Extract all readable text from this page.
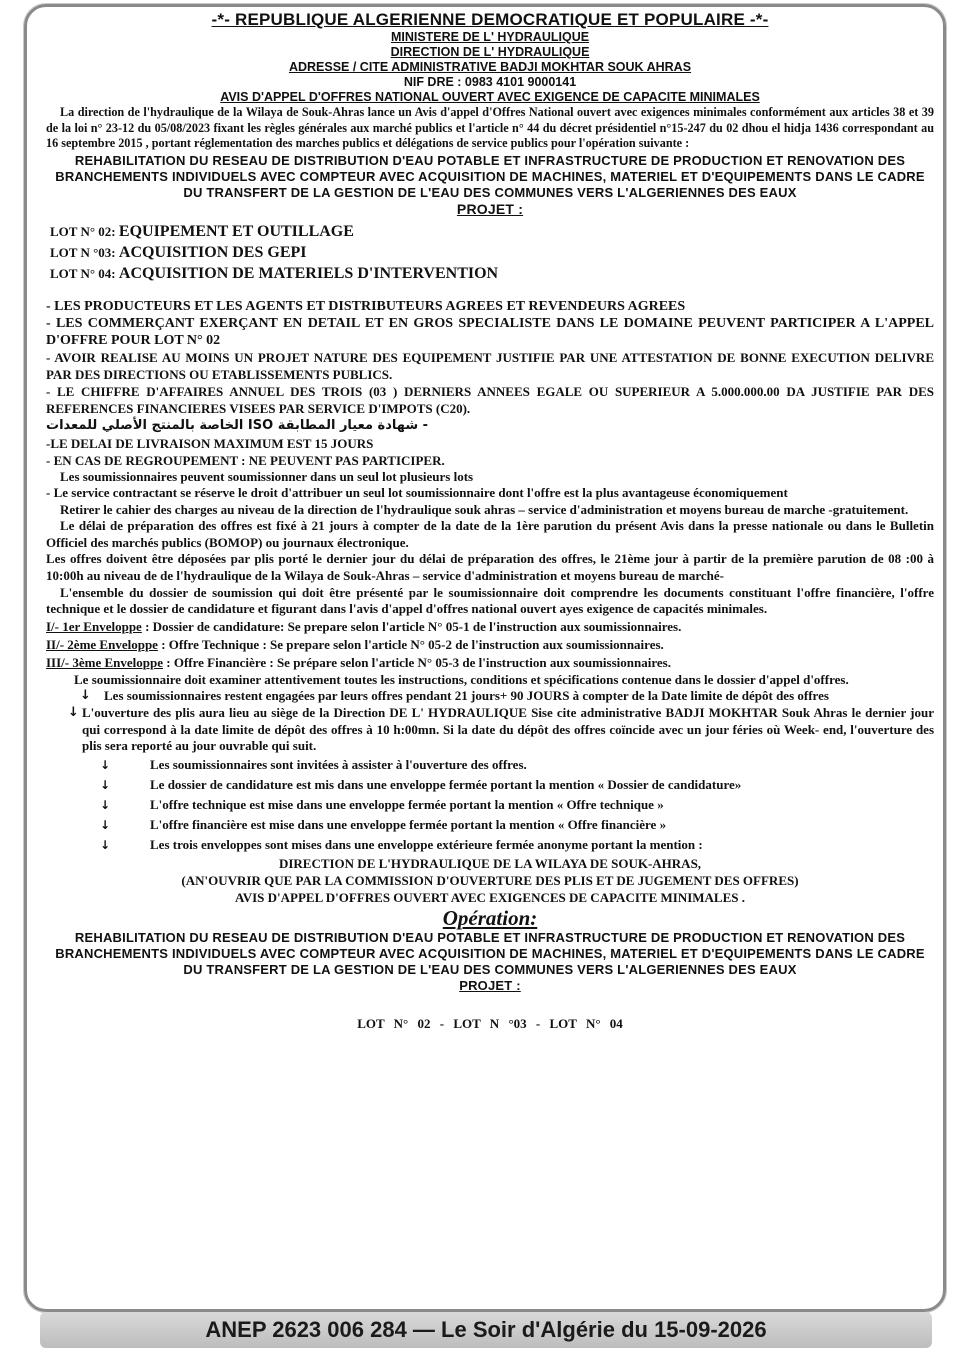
-*- REPUBLIQUE ALGERIENNE DEMOCRATIQUE ET POPULAIRE -*-
MINISTERE DE L' HYDRAULIQUE
DIRECTION DE L' HYDRAULIQUE
ADRESSE / CITE ADMINISTRATIVE BADJI MOKHTAR SOUK AHRAS
NIF DRE : 0983 4101 9000141
AVIS D'APPEL D'OFFRES NATIONAL OUVERT AVEC EXIGENCE DE CAPACITE MINIMALES

La direction de l'hydraulique de la Wilaya de Souk-Ahras lance un Avis d'appel d'Offres National ouvert avec exigences minimales conformément aux articles 38 et 39 de la loi n° 23-12 du 05/08/2023 fixant les règles générales aux marché publics et l'article n° 44 du décret présidentiel n°15-247 du 02 dhou el hidja 1436 correspondant au 16 septembre 2015 , portant réglementation des marches publics et délégations de service publics pour l'opération suivante :

REHABILITATION DU RESEAU DE DISTRIBUTION D'EAU POTABLE ET INFRASTRUCTURE DE PRODUCTION ET RENOVATION DES BRANCHEMENTS INDIVIDUELS AVEC COMPTEUR AVEC ACQUISITION DE MACHINES, MATERIEL ET D'EQUIPEMENTS DANS LE CADRE DU TRANSFERT DE LA GESTION DE L'EAU DES COMMUNES VERS L'ALGERIENNES DES EAUX
PROJET :
LOT N° 02: EQUIPEMENT ET OUTILLAGE
LOT N °03: ACQUISITION DES GEPI
LOT N° 04: ACQUISITION DE MATERIELS D'INTERVENTION
- LES PRODUCTEURS ET LES AGENTS ET DISTRIBUTEURS AGREES ET REVENDEURS AGREES
- LES COMMERÇANT EXERÇANT EN DETAIL ET EN GROS SPECIALISTE DANS LE DOMAINE PEUVENT PARTICIPER A L'APPEL D'OFFRE POUR LOT N° 02
- AVOIR REALISE AU MOINS UN PROJET NATURE DES EQUIPEMENT JUSTIFIE PAR UNE ATTESTATION DE BONNE EXECUTION DELIVRE PAR DES DIRECTIONS OU ETABLISSEMENTS PUBLICS.
- LE CHIFFRE D'AFFAIRES ANNUEL DES TROIS (03 ) DERNIERS ANNEES EGALE OU SUPERIEUR A 5.000.000.00 DA JUSTIFIE PAR DES REFERENCES FINANCIERES VISEES PAR SERVICE D'IMPOTS (C20).
- شهادة معيار المطابقة ISO الخاصة بالمنتج الأصلي للمعدات
-LE DELAI DE LIVRAISON MAXIMUM EST 15 JOURS
- EN CAS DE REGROUPEMENT : NE PEUVENT PAS PARTICIPER.

Les soumissionnaires peuvent soumissionner dans un seul lot plusieurs lots

- Le service contractant se réserve le droit d'attribuer un seul lot soumissionnaire dont l'offre est la plus avantageuse économiquement

Retirer le cahier des charges au niveau de la direction de l'hydraulique souk ahras – service d'administration et moyens bureau de marche -gratuitement.

Le délai de préparation des offres est fixé à 21 jours à compter de la date de la 1ère parution du présent Avis dans la presse nationale ou dans le Bulletin Officiel des marchés publics (BOMOP) ou journaux électronique.

Les offres doivent être déposées par plis porté le dernier jour du délai de préparation des offres, le 21ème jour à partir de la première parution de 08 :00 à 10:00h au niveau de de l'hydraulique de la Wilaya de Souk-Ahras – service d'administration et moyens bureau de marché-

L'ensemble du dossier de soumission qui doit être présenté par le soumissionnaire doit comprendre les documents constituant l'offre financière, l'offre technique et le dossier de candidature et figurant dans l'avis d'appel d'offres national ouvert ayes exigence de capacités minimales.

I/- 1er Enveloppe : Dossier de candidature: Se prepare selon l'article N° 05-1 de l'instruction aux soumissionnaires.
II/- 2ème Enveloppe : Offre Technique : Se prepare selon l'article N° 05-2 de l'instruction aux soumissionnaires.
III/- 3ème Enveloppe : Offre Financière : Se prépare selon l'article N° 05-3 de l'instruction aux soumissionnaires.

Le soumissionnaire doit examiner attentivement toutes les instructions, conditions et spécifications contenue dans le dossier d'appel d'offres.

↓ Les soumissionnaires restent engagées par leurs offres pendant 21 jours+ 90 JOURS à compter de la Date limite de dépôt des offres
↓ L'ouverture des plis aura lieu au siège de la Direction DE L' HYDRAULIQUE Sise cite administrative BADJI MOKHTAR Souk Ahras le dernier jour qui correspond à la date limite de dépôt des offres à 10 h:00mn. Si la date du dépôt des offres coïncide avec un jour féries où Week- end, l'ouverture des plis sera reporté au jour ouvrable qui suit.
↓	Les soumissionnaires sont invitées à assister à l'ouverture des offres.
↓	Le dossier de candidature est mis dans une enveloppe fermée portant la mention « Dossier de candidature»
↓	L'offre technique est mise dans une enveloppe fermée portant la mention « Offre technique »
↓	L'offre financière est mise dans une enveloppe fermée portant la mention « Offre financière »
↓	Les trois enveloppes sont mises dans une enveloppe extérieure fermée anonyme portant la mention :
DIRECTION DE L'HYDRAULIQUE DE LA WILAYA DE SOUK-AHRAS,
(AN'OUVRIR QUE PAR LA COMMISSION D'OUVERTURE DES PLIS ET DE JUGEMENT DES OFFRES)
AVIS D'APPEL D'OFFRES OUVERT AVEC EXIGENCES DE CAPACITE MINIMALES .
Opération:
REHABILITATION DU RESEAU DE DISTRIBUTION D'EAU POTABLE ET INFRASTRUCTURE DE PRODUCTION ET RENOVATION DES BRANCHEMENTS INDIVIDUELS AVEC COMPTEUR AVEC ACQUISITION DE MACHINES, MATERIEL ET D'EQUIPEMENTS DANS LE CADRE DU TRANSFERT DE LA GESTION DE L'EAU DES COMMUNES VERS L'ALGERIENNES DES EAUX
PROJET :
LOT N° 02 - LOT N °03 - LOT N° 04
ANEP 2623 006 284 — Le Soir d'Algérie du 15-09-2026
